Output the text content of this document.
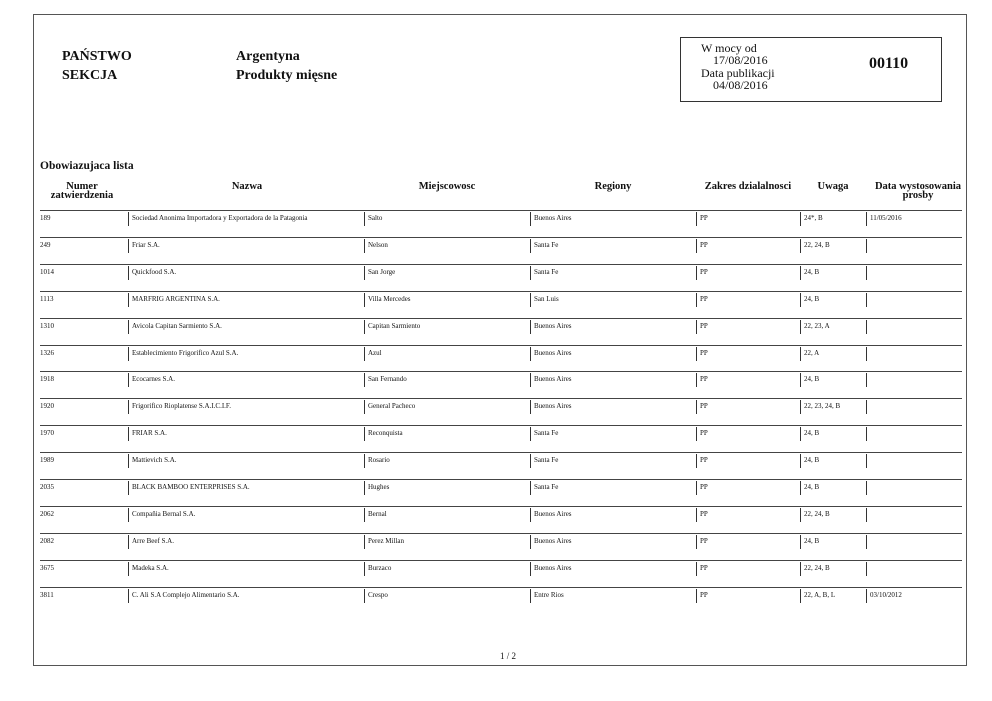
PAŃSTWO
SEKCJA
Argentyna
Produkty mięsne
W mocy od
17/08/2016
Data publikacji
04/08/2016
00110
Obowiazujaca lista
Numer
zatwierdzenia
Nazwa	Miejscowosc	Regiony	Zakres dzialalnosci	Uwaga	Data wystosowania
prosby
189	Sociedad Anonima Importadora y Exportadora de la Patagonia	Salto	Buenos Aires	PP	24*, B	11/05/2016
249	Friar S.A.	Nelson	Santa Fe	PP	22, 24, B
1014	Quickfood S.A.	San Jorge	Santa Fe	PP	24, B
1113	MARFRIG ARGENTINA S.A.	Villa Mercedes	San Luis	PP	24, B
1310	Avicola Capitan Sarmiento S.A.	Capitan Sarmiento	Buenos Aires	PP	22, 23, A
1326	Establecimiento Frigorifico Azul S.A.	Azul	Buenos Aires	PP	22, A
1918	Ecocarnes S.A.	San Fernando	Buenos Aires	PP	24, B
1920	Frigorifico Rioplatense S.A.I.C.I.F.	General Pacheco	Buenos Aires	PP	22, 23, 24, B
1970	FRIAR S.A.	Reconquista	Santa Fe	PP	24, B
1989	Mattievich S.A.	Rosario	Santa Fe	PP	24, B
2035	BLACK BAMBOO ENTERPRISES S.A.	Hughes	Santa Fe	PP	24, B
2062	Compañia Bernal S.A.	Bernal	Buenos Aires	PP	22, 24, B
2082	Arre Beef S.A.	Perez Millan	Buenos Aires	PP	24, B
3675	Madeka S.A.	Burzaco	Buenos Aires	PP	22, 24, B
3811	C. Ali S.A Complejo Alimentario S.A.	Crespo	Entre Rios	PP	22, A, B, L	03/10/2012
1 / 2
